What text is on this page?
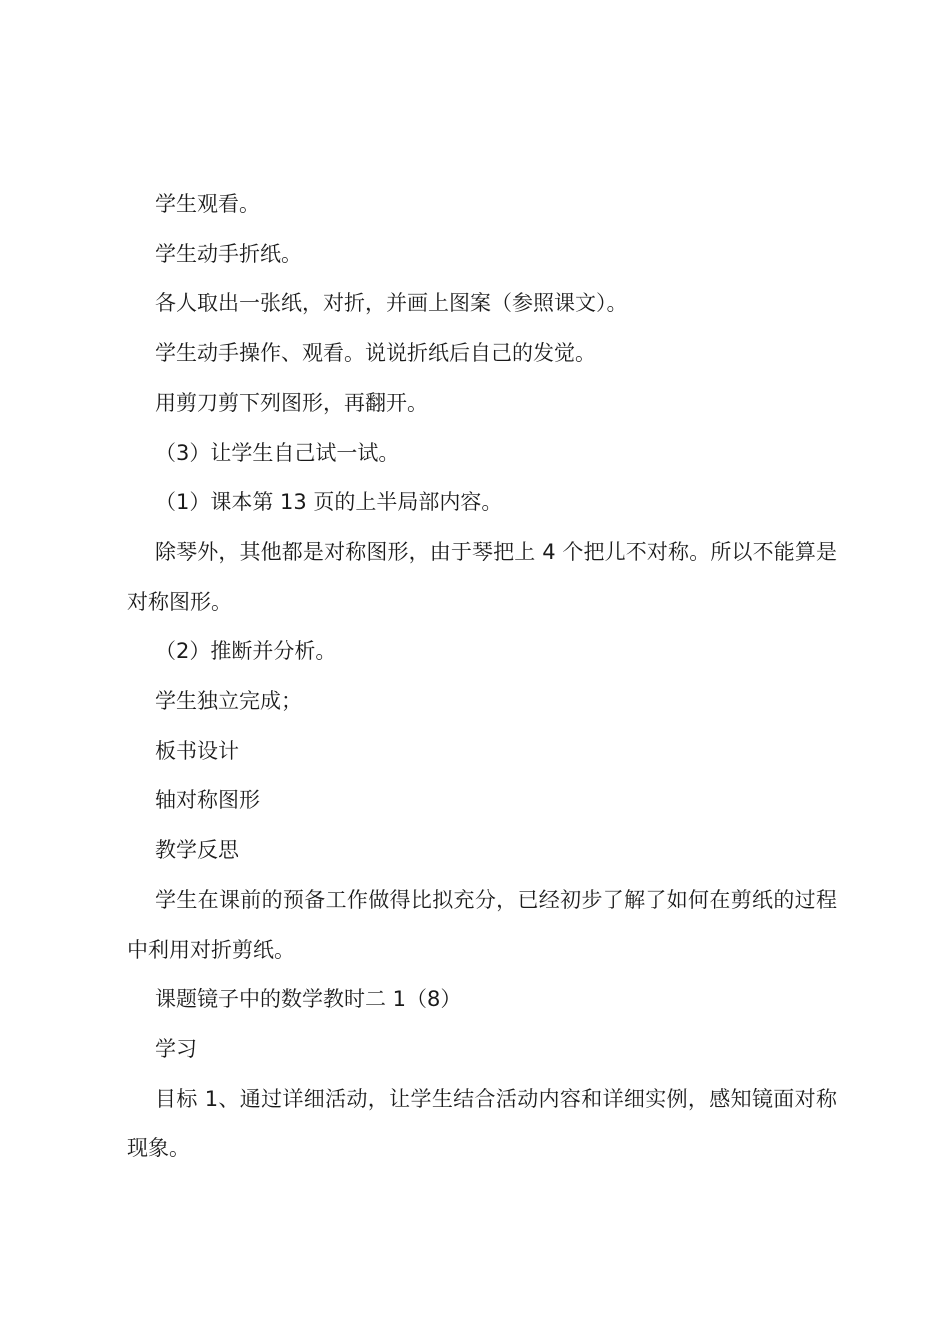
学生观看。

学生动手折纸。

各人取出一张纸，对折，并画上图案（参照课文）。

学生动手操作、观看。说说折纸后自己的发觉。

用剪刀剪下列图形，再翻开。

（3）让学生自己试一试。

（1）课本第 13 页的上半局部内容。

除琴外，其他都是对称图形，由于琴把上 4 个把儿不对称。所以不能算是对称图形。

（2）推断并分析。

学生独立完成；

板书设计

轴对称图形

教学反思

学生在课前的预备工作做得比拟充分，已经初步了解了如何在剪纸的过程中利用对折剪纸。

课题镜子中的数学教时二 1（8）

学习

目标 1、通过详细活动，让学生结合活动内容和详细实例，感知镜面对称现象。
